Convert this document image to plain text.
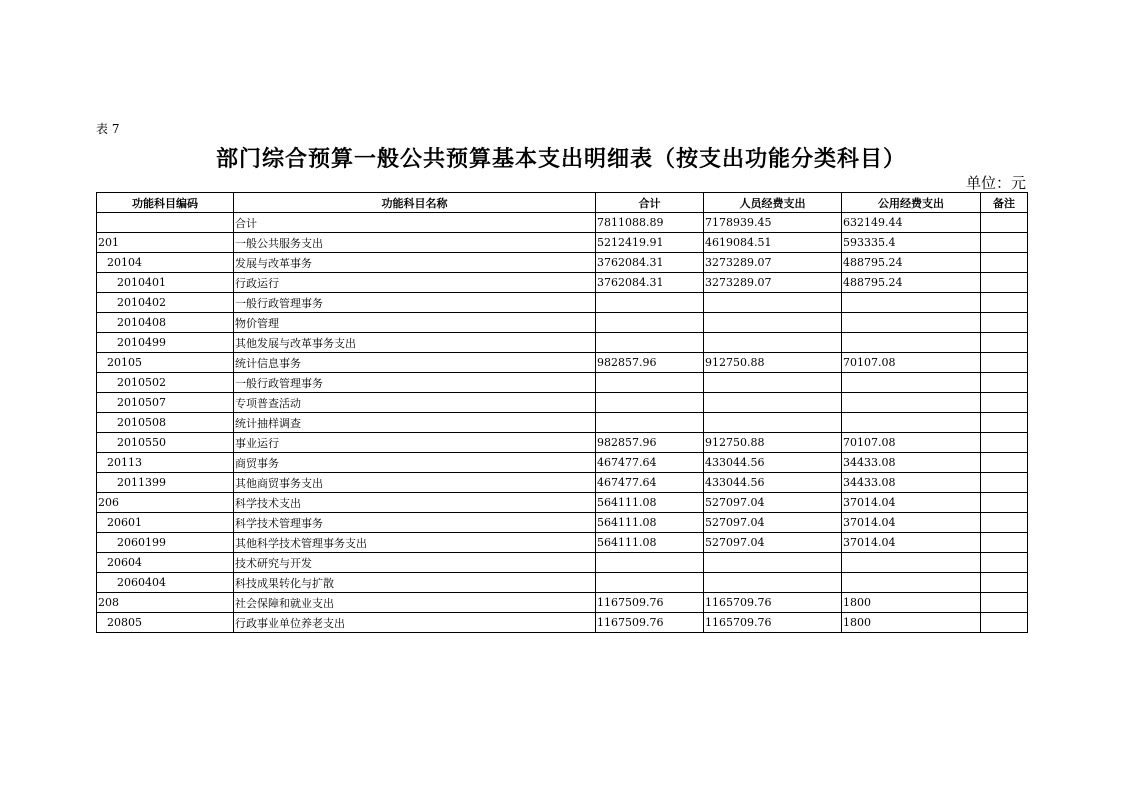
表 7
部门综合预算一般公共预算基本支出明细表（按支出功能分类科目）
单位：元
功能科目编码	功能科目名称	合计	人员经费支出	公用经费支出	备注
	合计	7811088.89	7178939.45	632149.44	
201	一般公共服务支出	5212419.91	4619084.51	593335.4	
20104	发展与改革事务	3762084.31	3273289.07	488795.24	
2010401	行政运行	3762084.31	3273289.07	488795.24	
2010402	一般行政管理事务				
2010408	物价管理				
2010499	其他发展与改革事务支出				
20105	统计信息事务	982857.96	912750.88	70107.08	
2010502	一般行政管理事务				
2010507	专项普查活动				
2010508	统计抽样调查				
2010550	事业运行	982857.96	912750.88	70107.08	
20113	商贸事务	467477.64	433044.56	34433.08	
2011399	其他商贸事务支出	467477.64	433044.56	34433.08	
206	科学技术支出	564111.08	527097.04	37014.04	
20601	科学技术管理事务	564111.08	527097.04	37014.04	
2060199	其他科学技术管理事务支出	564111.08	527097.04	37014.04	
20604	技术研究与开发				
2060404	科技成果转化与扩散				
208	社会保障和就业支出	1167509.76	1165709.76	1800	
20805	行政事业单位养老支出	1167509.76	1165709.76	1800	
